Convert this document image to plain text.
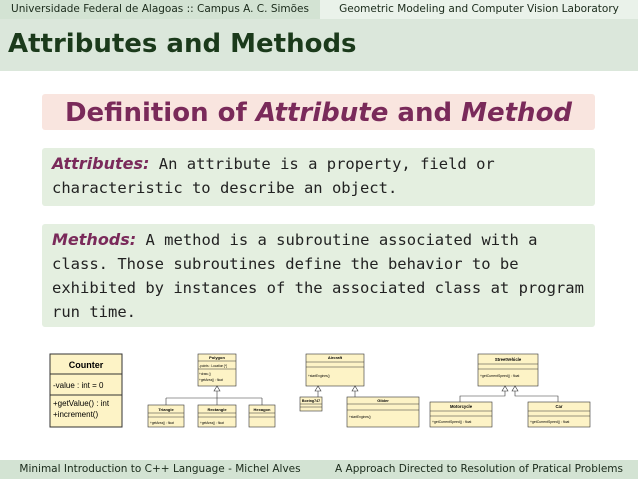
Universidade Federal de Alagoas :: Campus A. C. Simões	Geometric Modeling and Computer Vision Laboratory
Attributes and Methods
Definition of Attribute and Method

Attributes: An attribute is a property, field or characteristic to describe an object.

Methods: A method is a subroutine associated with a class. Those subroutines define the behavior to be exhibited by instances of the associated class at program run time.

Counter
-value : int = 0
+getValue() : int
+increment()
Polygon
-points : Location [*]
+draw ()
+getArea() : float
Triangle
+getArea() : float
Rectangle
+getArea() : float
Hexagon
Aircraft
+startEngines()
Boeing747	Glider
+startEngines()
StreetVehicle
+getCurrentSpeed() : float
Motorcycle
+getCurrentSpeed() : float
Car
+getCurrentSpeed() : float
Minimal Introduction to C++ Language - Michel Alves	A Approach Directed to Resolution of Pratical Problems
